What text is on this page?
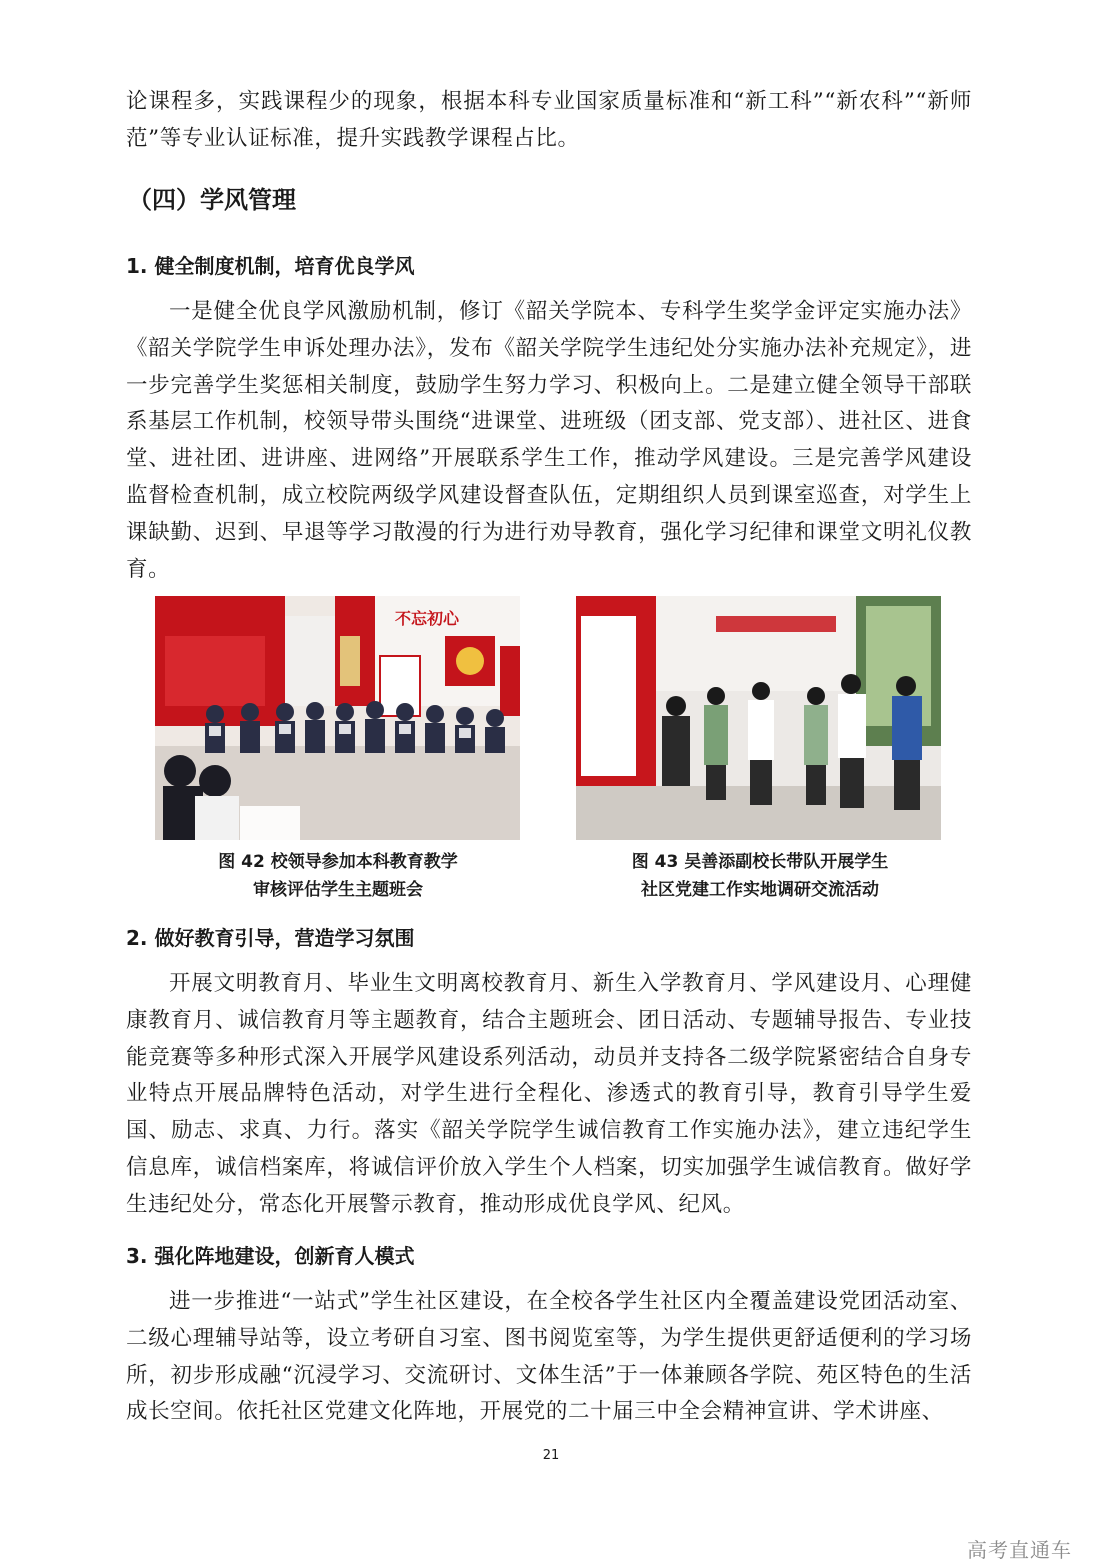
论课程多，实践课程少的现象，根据本科专业国家质量标准和“新工科”“新农科”“新师范”等专业认证标准，提升实践教学课程占比。

（四）学风管理
1. 健全制度机制，培育优良学风

一是健全优良学风激励机制，修订《韶关学院本、专科学生奖学金评定实施办法》《韶关学院学生申诉处理办法》，发布《韶关学院学生违纪处分实施办法补充规定》，进一步完善学生奖惩相关制度，鼓励学生努力学习、积极向上。二是建立健全领导干部联系基层工作机制，校领导带头围绕“进课堂、进班级（团支部、党支部）、进社区、进食堂、进社团、进讲座、进网络”开展联系学生工作，推动学风建设。三是完善学风建设监督检查机制，成立校院两级学风建设督查队伍，定期组织人员到课室巡查，对学生上课缺勤、迟到、早退等学习散漫的行为进行劝导教育，强化学习纪律和课堂文明礼仪教育。

不忘初心
图 42 校领导参加本科教育教学
审核评估学生主题班会
图 43 吴善添副校长带队开展学生
社区党建工作实地调研交流活动
2. 做好教育引导，营造学习氛围

开展文明教育月、毕业生文明离校教育月、新生入学教育月、学风建设月、心理健康教育月、诚信教育月等主题教育，结合主题班会、团日活动、专题辅导报告、专业技能竞赛等多种形式深入开展学风建设系列活动，动员并支持各二级学院紧密结合自身专业特点开展品牌特色活动，对学生进行全程化、渗透式的教育引导，教育引导学生爱国、励志、求真、力行。落实《韶关学院学生诚信教育工作实施办法》，建立违纪学生信息库，诚信档案库，将诚信评价放入学生个人档案，切实加强学生诚信教育。做好学生违纪处分，常态化开展警示教育，推动形成优良学风、纪风。

3. 强化阵地建设，创新育人模式

进一步推进“一站式”学生社区建设，在全校各学生社区内全覆盖建设党团活动室、二级心理辅导站等，设立考研自习室、图书阅览室等，为学生提供更舒适便利的学习场所，初步形成融“沉浸学习、交流研讨、文体生活”于一体兼顾各学院、苑区特色的生活成长空间。依托社区党建文化阵地，开展党的二十届三中全会精神宣讲、学术讲座、

21
高考直通车
